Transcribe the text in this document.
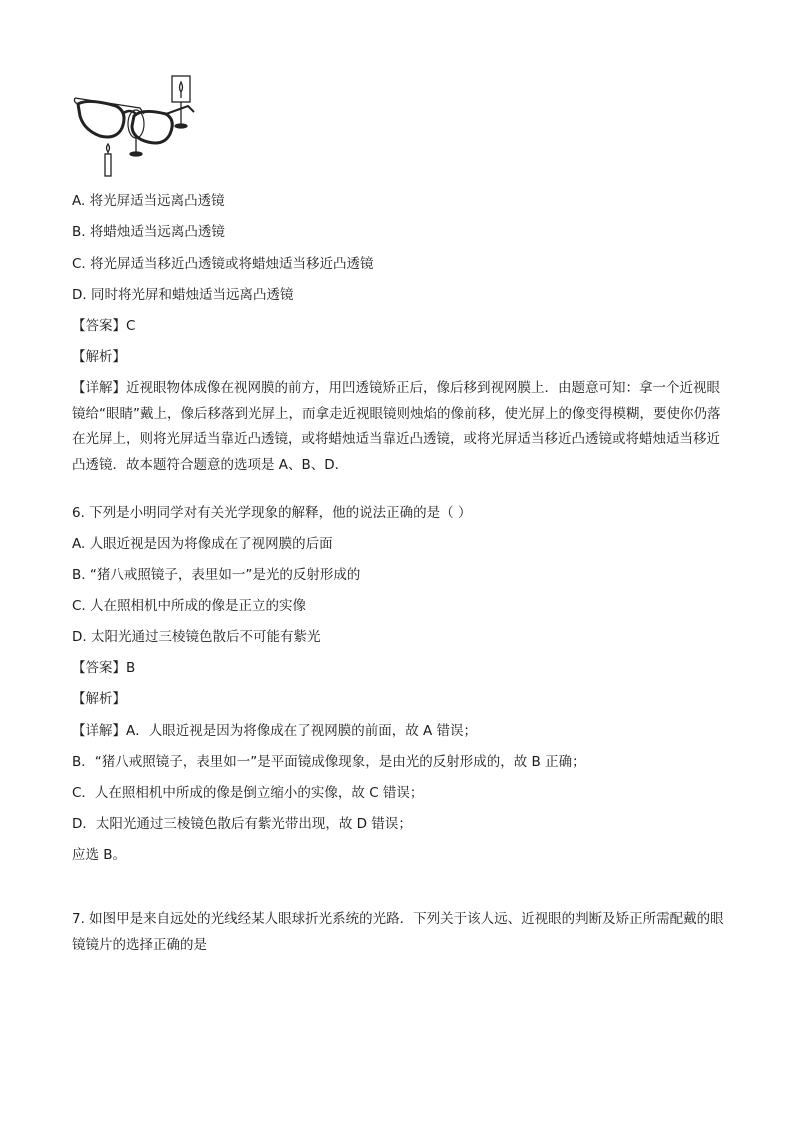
A. 将光屏适当远离凸透镜
B. 将蜡烛适当远离凸透镜
C. 将光屏适当移近凸透镜或将蜡烛适当移近凸透镜
D. 同时将光屏和蜡烛适当远离凸透镜
【答案】C
【解析】
【详解】近视眼物体成像在视网膜的前方，用凹透镜矫正后，像后移到视网膜上．由题意可知：拿一个近视眼镜给“眼睛”戴上，像后移落到光屏上，而拿走近视眼镜则烛焰的像前移，使光屏上的像变得模糊，要使你仍落在光屏上，则将光屏适当靠近凸透镜，或将蜡烛适当靠近凸透镜，或将光屏适当移近凸透镜或将蜡烛适当移近凸透镜．故本题符合题意的选项是 A、B、D．
6. 下列是小明同学对有关光学现象的解释，他的说法正确的是（ ）
A. 人眼近视是因为将像成在了视网膜的后面
B. “猪八戒照镜子，表里如一”是光的反射形成的
C. 人在照相机中所成的像是正立的实像
D. 太阳光通过三棱镜色散后不可能有紫光
【答案】B
【解析】
【详解】A．人眼近视是因为将像成在了视网膜的前面，故 A 错误；
B．“猪八戒照镜子，表里如一”是平面镜成像现象，是由光的反射形成的，故 B 正确；
C．人在照相机中所成的像是倒立缩小的实像，故 C 错误；
D．太阳光通过三棱镜色散后有紫光带出现，故 D 错误；
应选 B。
7. 如图甲是来自远处的光线经某人眼球折光系统的光路．下列关于该人远、近视眼的判断及矫正所需配戴的眼镜镜片的选择正确的是
